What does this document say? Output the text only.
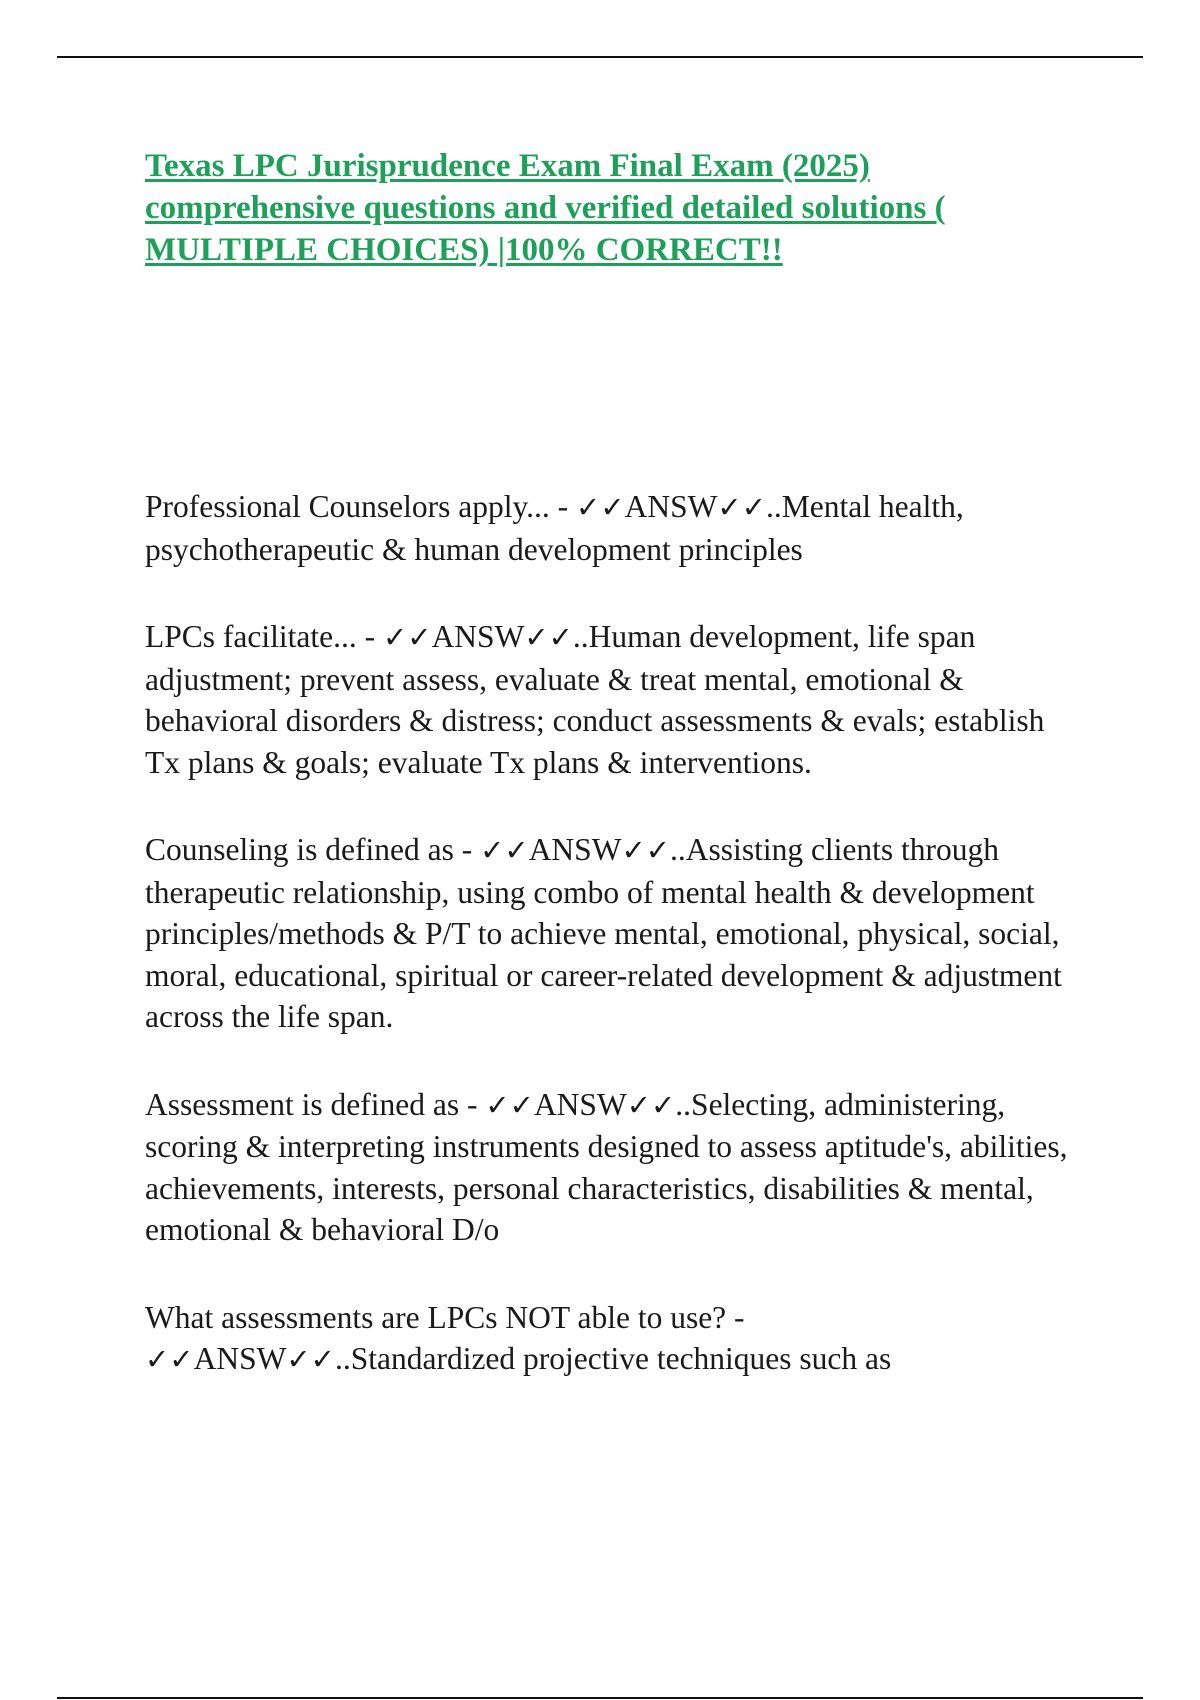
Texas LPC Jurisprudence Exam Final Exam (2025) comprehensive questions and verified detailed solutions ( MULTIPLE CHOICES) |100% CORRECT!!

Professional Counselors apply... - ✓✓ANSW✓✓..Mental health, psychotherapeutic & human development principles

LPCs facilitate... - ✓✓ANSW✓✓..Human development, life span adjustment; prevent assess, evaluate & treat mental, emotional & behavioral disorders & distress; conduct assessments & evals; establish Tx plans & goals; evaluate Tx plans & interventions.

Counseling is defined as - ✓✓ANSW✓✓..Assisting clients through therapeutic relationship, using combo of mental health & development principles/methods & P/T to achieve mental, emotional, physical, social, moral, educational, spiritual or career-related development & adjustment across the life span.

Assessment is defined as - ✓✓ANSW✓✓..Selecting, administering, scoring & interpreting instruments designed to assess aptitude's, abilities, achievements, interests, personal characteristics, disabilities & mental, emotional & behavioral D/o

What assessments are LPCs NOT able to use? - ✓✓ANSW✓✓..Standardized projective techniques such as
